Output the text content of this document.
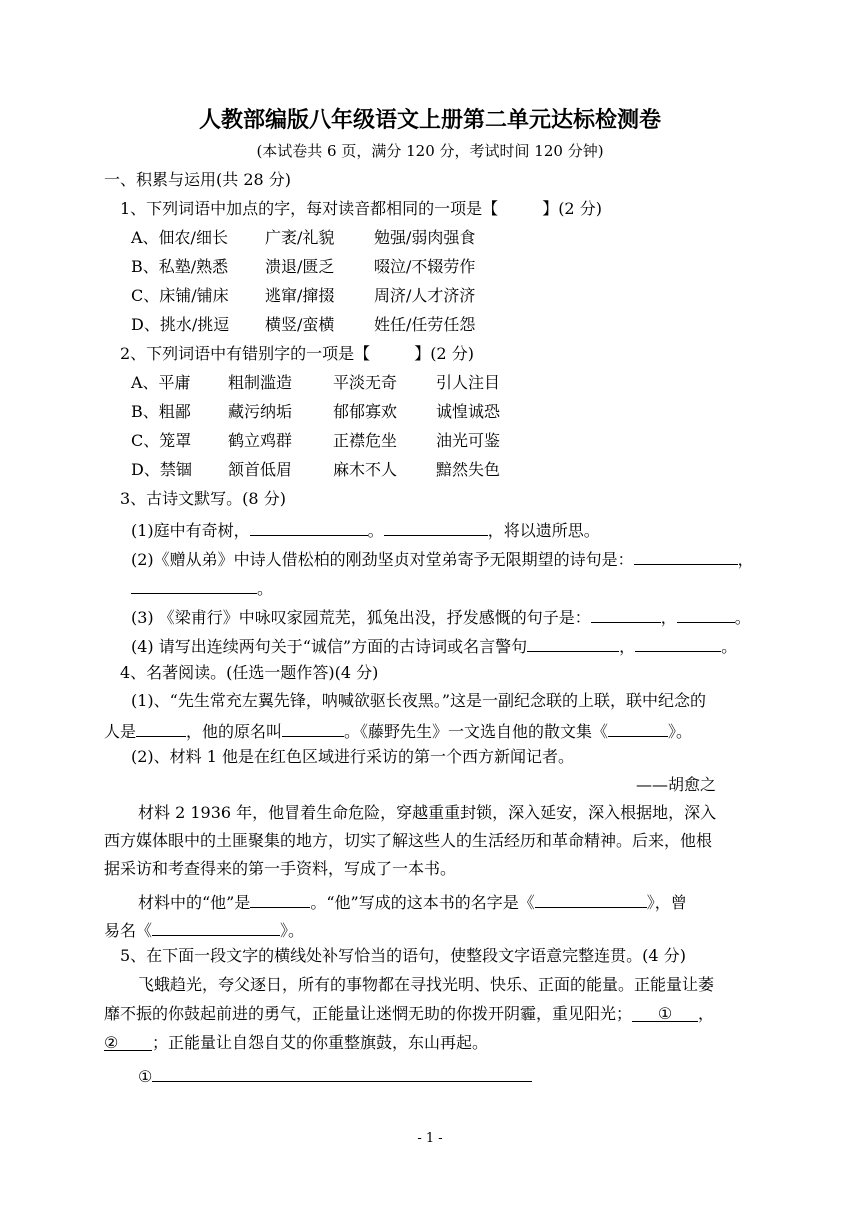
人教部编版八年级语文上册第二单元达标检测卷
(本试卷共 6 页，满分 120 分，考试时间 120 分钟)
一、积累与运用(共 28 分)
1、下列词语中加点的字，每对读音都相同的一项是【	】(2 分)
A、佃农/细长 广袤/礼貌 勉强/弱肉强食
B、私塾/熟悉 溃退/匮乏 啜泣/不辍劳作
C、床铺/铺床 逃窜/撺掇 周济/人才济济
D、挑水/挑逗 横竖/蛮横 姓任/任劳任怨
2、下列词语中有错别字的一项是【	】(2 分)
A、平庸 粗制滥造	平淡无奇 引人注目
B、粗鄙 藏污纳垢	郁郁寡欢 诚惶诚恐
C、笼罩 鹤立鸡群	正襟危坐 油光可鉴
D、禁锢 颔首低眉	麻木不人 黯然失色
3、古诗文默写。(8 分)
(1)庭中有奇树，	。	，将以遗所思。
(2)《赠从弟》中诗人借松柏的刚劲坚贞对堂弟寄予无限期望的诗句是：	，
。
(3) 《梁甫行》中咏叹家园荒芜，狐兔出没，抒发感慨的句子是：	，	。
(4) 请写出连续两句关于“诚信”方面的古诗词或名言警句	，	。
4、名著阅读。(任选一题作答)(4 分)
(1)、“先生常充左翼先锋，呐喊欲驱长夜黑。”这是一副纪念联的上联，联中纪念的
人是	，他的原名叫	。《藤野先生》一文选自他的散文集《	》。
(2)、材料 1 他是在红色区域进行采访的第一个西方新闻记者。
——胡愈之
材料 2 1936 年，他冒着生命危险，穿越重重封锁，深入延安，深入根据地，深入
西方媒体眼中的土匪聚集的地方，切实了解这些人的生活经历和革命精神。后来，他根
据采访和考查得来的第一手资料，写成了一本书。
材料中的“他”是	。“他”写成的这本书的名字是《	》，曾
易名《	》。
5、在下面一段文字的横线处补写恰当的语句，使整段文字语意完整连贯。(4 分)
飞蛾趋光，夸父逐日，所有的事物都在寻找光明、快乐、正面的能量。正能量让萎
靡不振的你鼓起前进的勇气，正能量让迷惘无助的你拨开阴霾，重见阳光； ① ，
② ；正能量让自怨自艾的你重整旗鼓，东山再起。
①
- 1 -
